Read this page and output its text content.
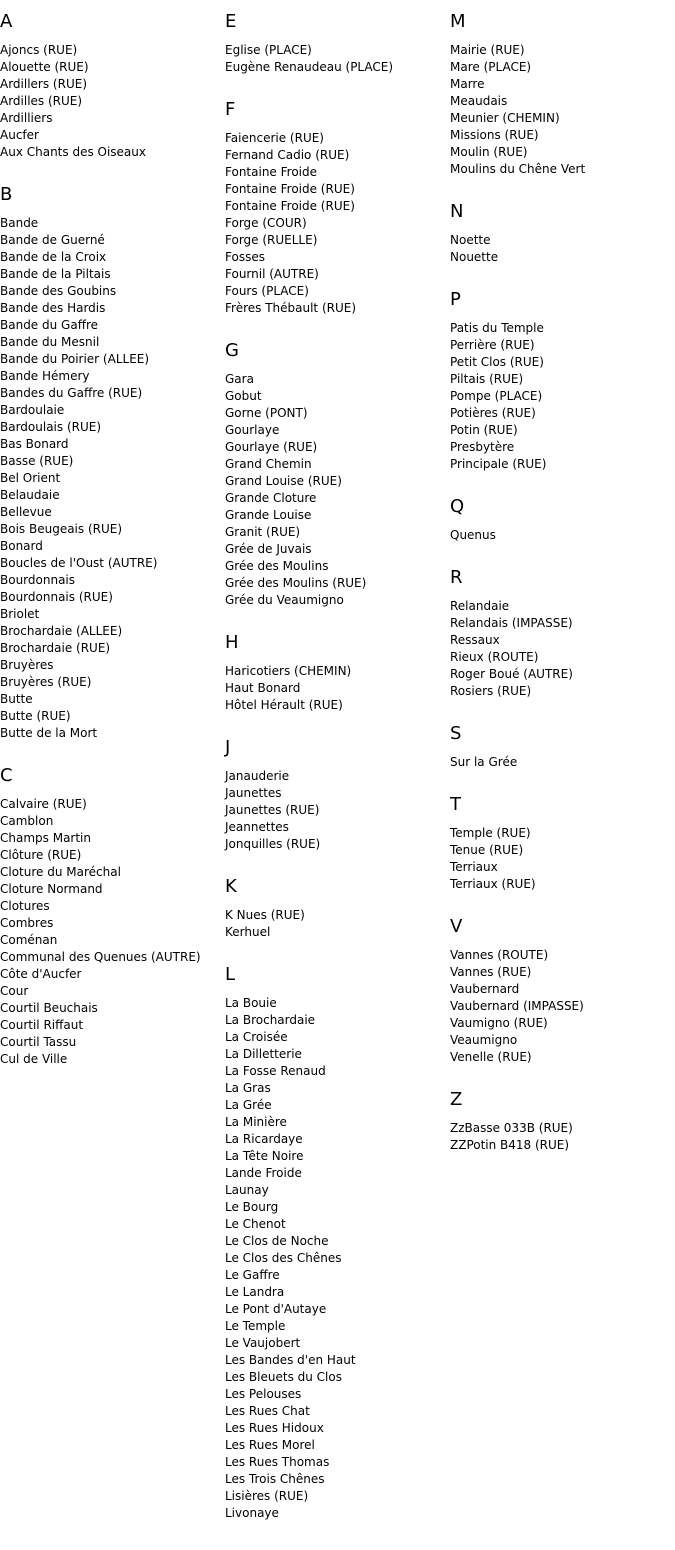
A
Ajoncs (RUE)
Alouette (RUE)
Ardillers (RUE)
Ardilles (RUE)
Ardilliers
Aucfer
Aux Chants des Oiseaux
B
Bande
Bande de Guerné
Bande de la Croix
Bande de la Piltais
Bande des Goubins
Bande des Hardis
Bande du Gaffre
Bande du Mesnil
Bande du Poirier (ALLEE)
Bande Hémery
Bandes du Gaffre (RUE)
Bardoulaie
Bardoulais (RUE)
Bas Bonard
Basse (RUE)
Bel Orient
Belaudaie
Bellevue
Bois Beugeais (RUE)
Bonard
Boucles de l'Oust (AUTRE)
Bourdonnais
Bourdonnais (RUE)
Briolet
Brochardaie (ALLEE)
Brochardaie (RUE)
Bruyères
Bruyères (RUE)
Butte
Butte (RUE)
Butte de la Mort
C
Calvaire (RUE)
Camblon
Champs Martin
Clôture (RUE)
Cloture du Maréchal
Cloture Normand
Clotures
Combres
Coménan
Communal des Quenues (AUTRE)
Côte d'Aucfer
Cour
Courtil Beuchais
Courtil Riffaut
Courtil Tassu
Cul de Ville
E
Eglise (PLACE)
Eugène Renaudeau (PLACE)
F
Faiencerie (RUE)
Fernand Cadio (RUE)
Fontaine Froide
Fontaine Froide (RUE)
Fontaine Froide (RUE)
Forge (COUR)
Forge (RUELLE)
Fosses
Fournil (AUTRE)
Fours (PLACE)
Frères Thébault (RUE)
G
Gara
Gobut
Gorne (PONT)
Gourlaye
Gourlaye (RUE)
Grand Chemin
Grand Louise (RUE)
Grande Cloture
Grande Louise
Granit (RUE)
Grée de Juvais
Grée des Moulins
Grée des Moulins (RUE)
Grée du Veaumigno
H
Haricotiers (CHEMIN)
Haut Bonard
Hôtel Hérault (RUE)
J
Janauderie
Jaunettes
Jaunettes (RUE)
Jeannettes
Jonquilles (RUE)
K
K Nues (RUE)
Kerhuel
L
La Bouie
La Brochardaie
La Croisée
La Dilletterie
La Fosse Renaud
La Gras
La Grée
La Minière
La Ricardaye
La Tête Noire
Lande Froide
Launay
Le Bourg
Le Chenot
Le Clos de Noche
Le Clos des Chênes
Le Gaffre
Le Landra
Le Pont d'Autaye
Le Temple
Le Vaujobert
Les Bandes d'en Haut
Les Bleuets du Clos
Les Pelouses
Les Rues Chat
Les Rues Hidoux
Les Rues Morel
Les Rues Thomas
Les Trois Chênes
Lisières (RUE)
Livonaye
M
Mairie (RUE)
Mare (PLACE)
Marre
Meaudais
Meunier (CHEMIN)
Missions (RUE)
Moulin (RUE)
Moulins du Chêne Vert
N
Noette
Nouette
P
Patis du Temple
Perrière (RUE)
Petit Clos (RUE)
Piltais (RUE)
Pompe (PLACE)
Potières (RUE)
Potin (RUE)
Presbytère
Principale (RUE)
Q
Quenus
R
Relandaie
Relandais (IMPASSE)
Ressaux
Rieux (ROUTE)
Roger Boué (AUTRE)
Rosiers (RUE)
S
Sur la Grée
T
Temple (RUE)
Tenue (RUE)
Terriaux
Terriaux (RUE)
V
Vannes (ROUTE)
Vannes (RUE)
Vaubernard
Vaubernard (IMPASSE)
Vaumigno (RUE)
Veaumigno
Venelle (RUE)
Z
ZzBasse 033B (RUE)
ZZPotin B418 (RUE)
